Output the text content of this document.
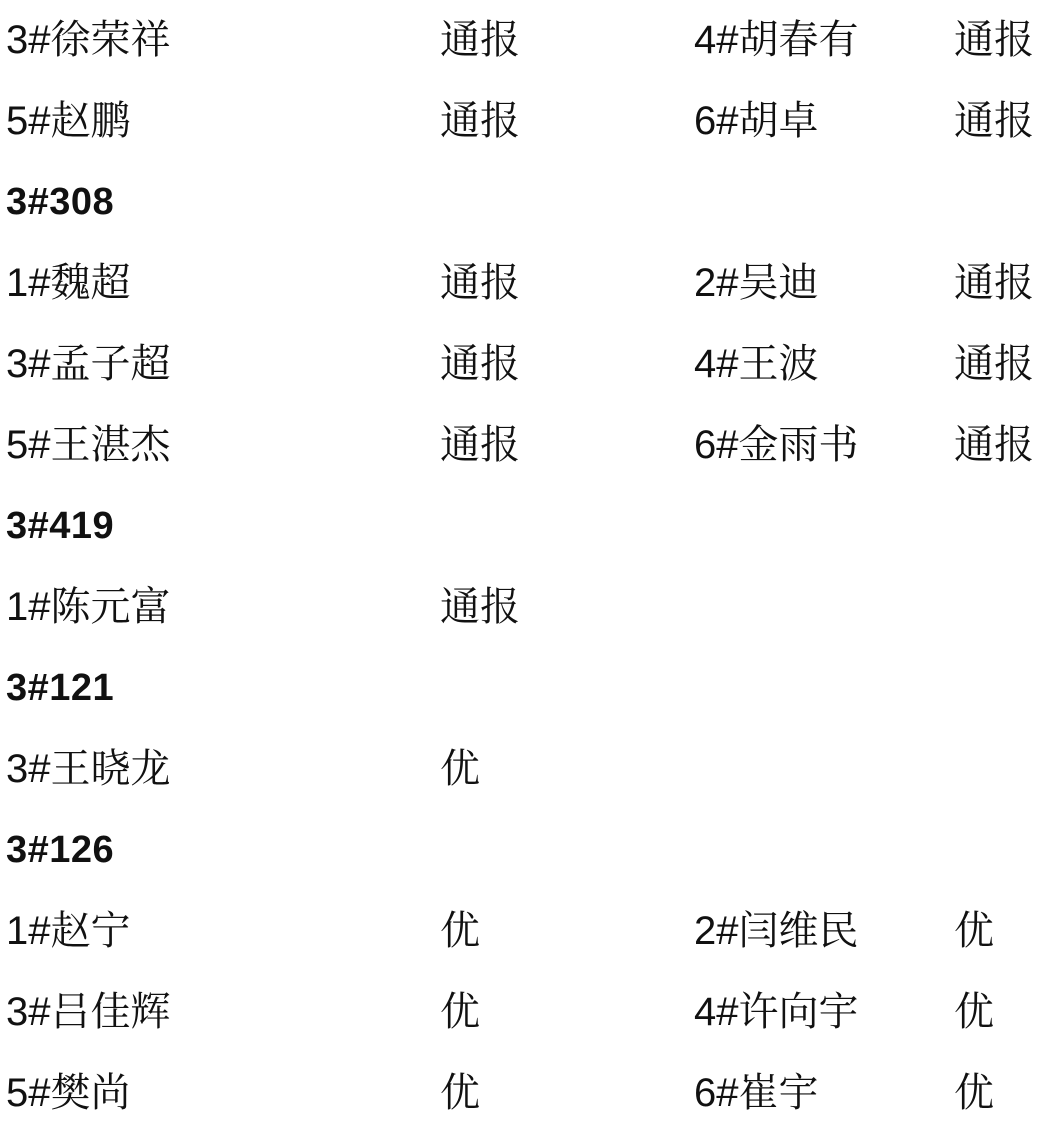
3#徐荣祥	通报	4#胡春有	通报
5#赵鹏	通报	6#胡卓	通报
3#308
1#魏超	通报	2#吴迪	通报
3#孟子超	通报	4#王波	通报
5#王湛杰	通报	6#金雨书	通报
3#419
1#陈元富	通报
3#121
3#王晓龙	优
3#126
1#赵宁	优	2#闫维民	优
3#吕佳辉	优	4#许向宇	优
5#樊尚	优	6#崔宇	优
